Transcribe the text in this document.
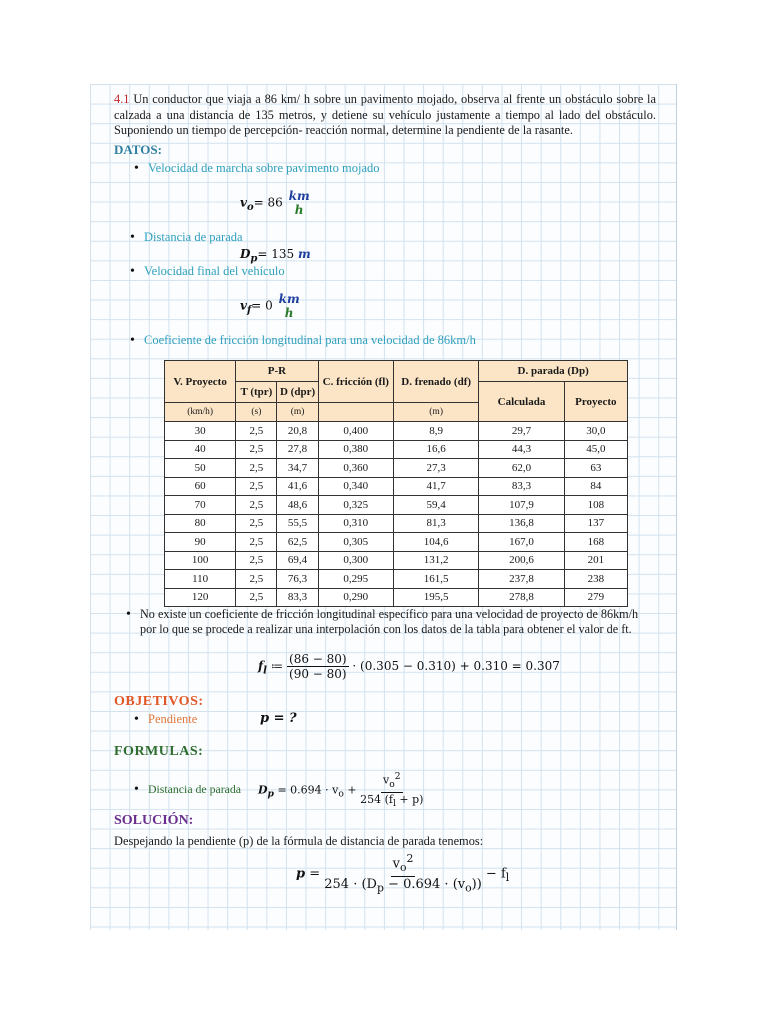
4.1 Un conductor que viaja a 86 km/ h sobre un pavimento mojado, observa al frente un obstáculo sobre la calzada a una distancia de 135 metros, y detiene su vehículo justamente a tiempo al lado del obstáculo. Suponiendo un tiempo de percepción- reacción normal, determine la pendiente de la rasante.
DATOS:
• Velocidad de marcha sobre pavimento mojado
$v_o= 86$ km
h
• Distancia de parada
$D_p= 135$ m
• Velocidad final del vehículo
$v_f= 0$ km
h
• Coeficiente de fricción longitudinal para una velocidad de 86km/h
V. Proyecto	P-R		C. fricción (fl)	D. frenado (df)	D. parada (Dp)	
	T (tpr)	D (dpr)			Calculada	Proyecto
(km/h)	(s)	(m)		(m)		
30	2,5	20,8	0,400	8,9	29,7	30,0
40	2,5	27,8	0,380	16,6	44,3	45,0
50	2,5	34,7	0,360	27,3	62,0	63
60	2,5	41,6	0,340	41,7	83,3	84
70	2,5	48,6	0,325	59,4	107,9	108
80	2,5	55,5	0,310	81,3	136,8	137
90	2,5	62,5	0,305	104,6	167,0	168
100	2,5	69,4	0,300	131,2	200,6	201
110	2,5	76,3	0,295	161,5	237,8	238
120	2,5	83,3	0,290	195,5	278,8	279
• No existe un coeficiente de fricción longitudinal específico para una velocidad de proyecto de 86km/h
por lo que se procede a realizar una interpolación con los datos de la tabla para obtener el valor de ft.
$f_l$ ≔ $\frac{(86 - 80)}{(90 - 80)} \cdot (0.305 - 0.310) + 0.310 = 0.307$
OBJETIVOS:
• Pendiente	p = ?
FORMULAS:
• Distancia de parada $D_p = 0.694 \cdot v_o + \frac{v_o^2}{254 (f_l + p)}$
SOLUCIÓN:
Despejando la pendiente (p) de la fórmula de distancia de parada tenemos:
$p = \frac{v_o^2}{254 \cdot (D_p - 0.694 \cdot (v_o))} - f_l$
